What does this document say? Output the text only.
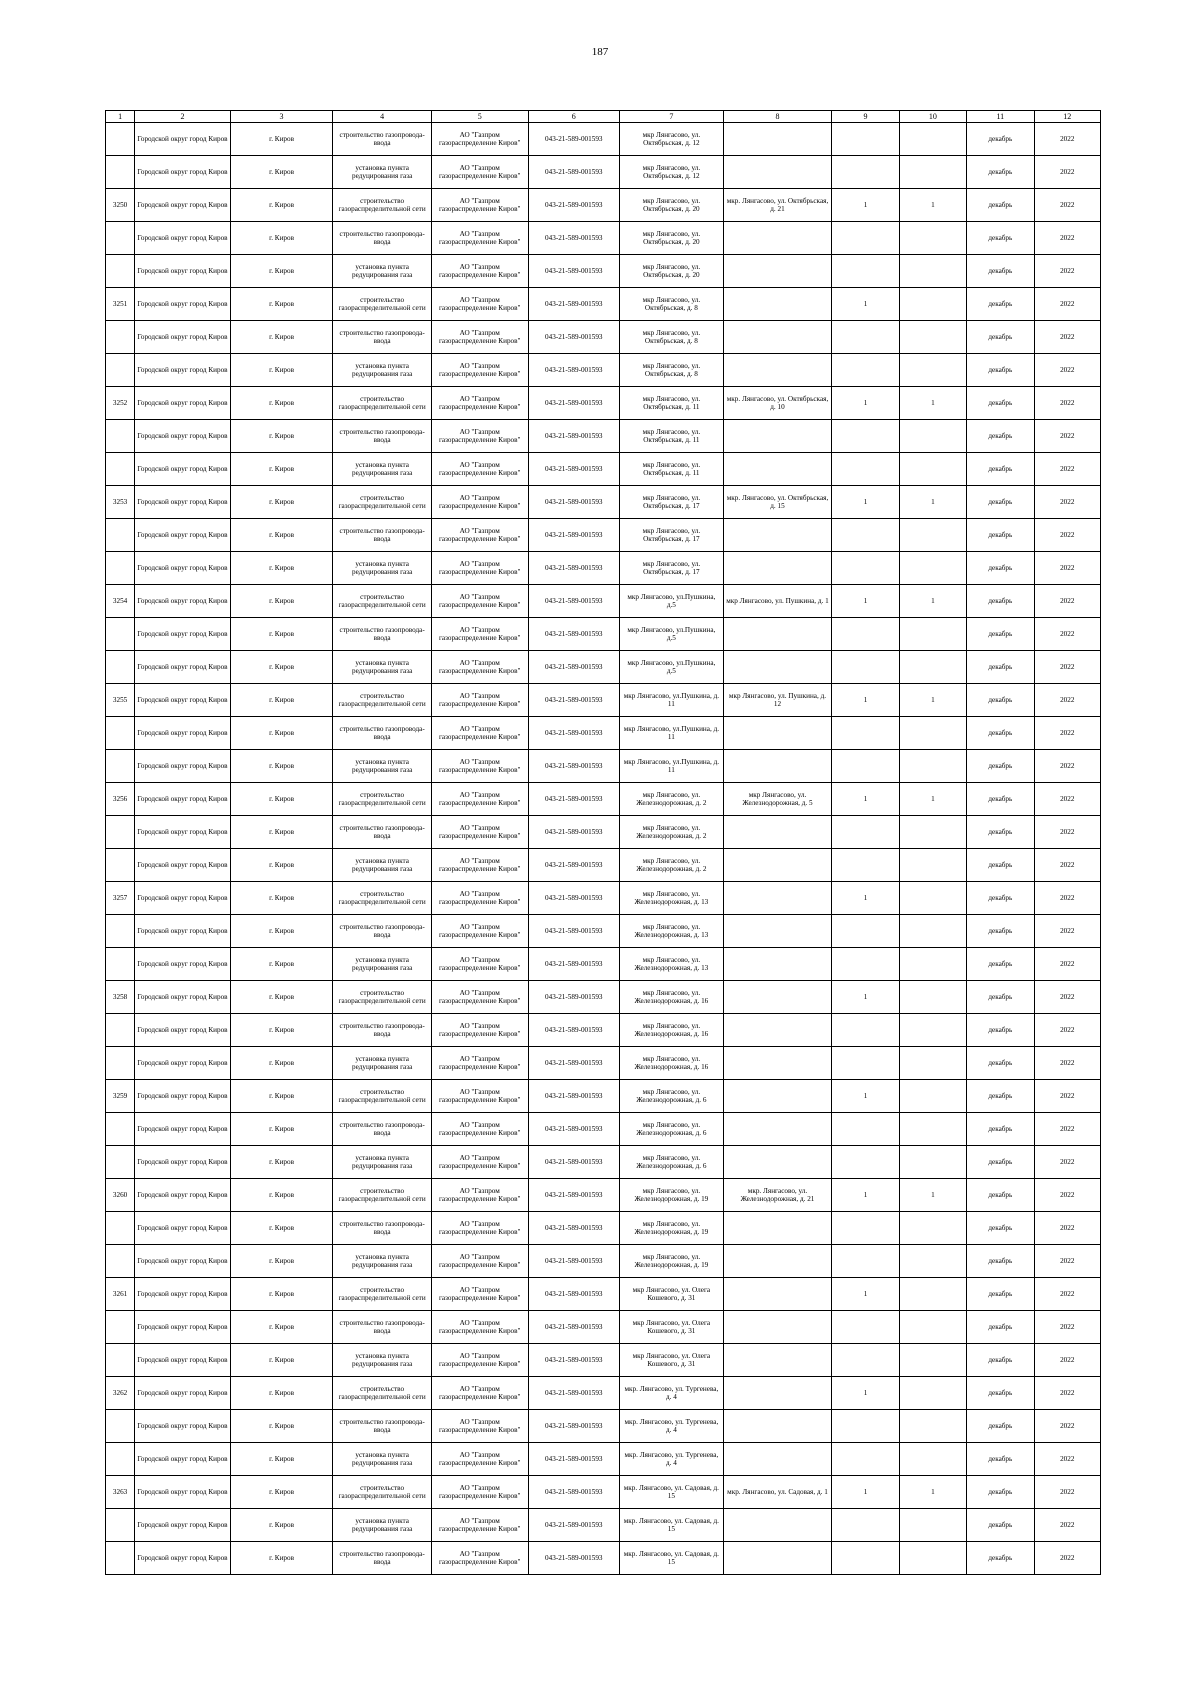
187
1	2	3	4	5	6	7	8	9	10	11	12
	Городской округ город Киров	г. Киров	строительство газопровода-ввода	АО "Газпром газораспределение Киров"	043-21-589-001593	мкр Лянгасово, ул. Октябрьская, д. 12				декабрь	2022
	Городской округ город Киров	г. Киров	установка пункта редуцирования газа	АО "Газпром газораспределение Киров"	043-21-589-001593	мкр Лянгасово, ул. Октябрьская, д. 12				декабрь	2022
3250	Городской округ город Киров	г. Киров	строительство газораспределительной сети	АО "Газпром газораспределение Киров"	043-21-589-001593	мкр Лянгасово, ул. Октябрьская, д. 20	мкр. Лянгасово, ул. Октябрьская, д. 21	1	1	декабрь	2022
	Городской округ город Киров	г. Киров	строительство газопровода-ввода	АО "Газпром газораспределение Киров"	043-21-589-001593	мкр Лянгасово, ул. Октябрьская, д. 20				декабрь	2022
	Городской округ город Киров	г. Киров	установка пункта редуцирования газа	АО "Газпром газораспределение Киров"	043-21-589-001593	мкр Лянгасово, ул. Октябрьская, д. 20				декабрь	2022
3251	Городской округ город Киров	г. Киров	строительство газораспределительной сети	АО "Газпром газораспределение Киров"	043-21-589-001593	мкр Лянгасово, ул. Октябрьская, д. 8		1		декабрь	2022
	Городской округ город Киров	г. Киров	строительство газопровода-ввода	АО "Газпром газораспределение Киров"	043-21-589-001593	мкр Лянгасово, ул. Октябрьская, д. 8				декабрь	2022
	Городской округ город Киров	г. Киров	установка пункта редуцирования газа	АО "Газпром газораспределение Киров"	043-21-589-001593	мкр Лянгасово, ул. Октябрьская, д. 8				декабрь	2022
3252	Городской округ город Киров	г. Киров	строительство газораспределительной сети	АО "Газпром газораспределение Киров"	043-21-589-001593	мкр Лянгасово, ул. Октябрьская, д. 11	мкр. Лянгасово, ул. Октябрьская, д. 10	1	1	декабрь	2022
	Городской округ город Киров	г. Киров	строительство газопровода-ввода	АО "Газпром газораспределение Киров"	043-21-589-001593	мкр Лянгасово, ул. Октябрьская, д. 11				декабрь	2022
	Городской округ город Киров	г. Киров	установка пункта редуцирования газа	АО "Газпром газораспределение Киров"	043-21-589-001593	мкр Лянгасово, ул. Октябрьская, д. 11				декабрь	2022
3253	Городской округ город Киров	г. Киров	строительство газораспределительной сети	АО "Газпром газораспределение Киров"	043-21-589-001593	мкр Лянгасово, ул. Октябрьская, д. 17	мкр. Лянгасово, ул. Октябрьская, д. 15	1	1	декабрь	2022
	Городской округ город Киров	г. Киров	строительство газопровода-ввода	АО "Газпром газораспределение Киров"	043-21-589-001593	мкр Лянгасово, ул. Октябрьская, д. 17				декабрь	2022
	Городской округ город Киров	г. Киров	установка пункта редуцирования газа	АО "Газпром газораспределение Киров"	043-21-589-001593	мкр Лянгасово, ул. Октябрьская, д. 17				декабрь	2022
3254	Городской округ город Киров	г. Киров	строительство газораспределительной сети	АО "Газпром газораспределение Киров"	043-21-589-001593	мкр Лянгасово, ул.Пушкина, д.5	мкр Лянгасово, ул. Пушкина, д. 1	1	1	декабрь	2022
	Городской округ город Киров	г. Киров	строительство газопровода-ввода	АО "Газпром газораспределение Киров"	043-21-589-001593	мкр Лянгасово, ул.Пушкина, д.5				декабрь	2022
	Городской округ город Киров	г. Киров	установка пункта редуцирования газа	АО "Газпром газораспределение Киров"	043-21-589-001593	мкр Лянгасово, ул.Пушкина, д.5				декабрь	2022
3255	Городской округ город Киров	г. Киров	строительство газораспределительной сети	АО "Газпром газораспределение Киров"	043-21-589-001593	мкр Лянгасово, ул.Пушкина, д. 11	мкр Лянгасово, ул. Пушкина, д. 12	1	1	декабрь	2022
	Городской округ город Киров	г. Киров	строительство газопровода-ввода	АО "Газпром газораспределение Киров"	043-21-589-001593	мкр Лянгасово, ул.Пушкина, д. 11				декабрь	2022
	Городской округ город Киров	г. Киров	установка пункта редуцирования газа	АО "Газпром газораспределение Киров"	043-21-589-001593	мкр Лянгасово, ул.Пушкина, д. 11				декабрь	2022
3256	Городской округ город Киров	г. Киров	строительство газораспределительной сети	АО "Газпром газораспределение Киров"	043-21-589-001593	мкр Лянгасово, ул. Железнодорожная, д. 2	мкр Лянгасово, ул. Железнодорожная, д. 5	1	1	декабрь	2022
	Городской округ город Киров	г. Киров	строительство газопровода-ввода	АО "Газпром газораспределение Киров"	043-21-589-001593	мкр Лянгасово, ул. Железнодорожная, д. 2				декабрь	2022
	Городской округ город Киров	г. Киров	установка пункта редуцирования газа	АО "Газпром газораспределение Киров"	043-21-589-001593	мкр Лянгасово, ул. Железнодорожная, д. 2				декабрь	2022
3257	Городской округ город Киров	г. Киров	строительство газораспределительной сети	АО "Газпром газораспределение Киров"	043-21-589-001593	мкр Лянгасово, ул. Железнодорожная, д. 13		1		декабрь	2022
	Городской округ город Киров	г. Киров	строительство газопровода-ввода	АО "Газпром газораспределение Киров"	043-21-589-001593	мкр Лянгасово, ул. Железнодорожная, д. 13				декабрь	2022
	Городской округ город Киров	г. Киров	установка пункта редуцирования газа	АО "Газпром газораспределение Киров"	043-21-589-001593	мкр Лянгасово, ул. Железнодорожная, д. 13				декабрь	2022
3258	Городской округ город Киров	г. Киров	строительство газораспределительной сети	АО "Газпром газораспределение Киров"	043-21-589-001593	мкр Лянгасово, ул. Железнодорожная, д. 16		1		декабрь	2022
	Городской округ город Киров	г. Киров	строительство газопровода-ввода	АО "Газпром газораспределение Киров"	043-21-589-001593	мкр Лянгасово, ул. Железнодорожная, д. 16				декабрь	2022
	Городской округ город Киров	г. Киров	установка пункта редуцирования газа	АО "Газпром газораспределение Киров"	043-21-589-001593	мкр Лянгасово, ул. Железнодорожная, д. 16				декабрь	2022
3259	Городской округ город Киров	г. Киров	строительство газораспределительной сети	АО "Газпром газораспределение Киров"	043-21-589-001593	мкр Лянгасово, ул. Железнодорожная, д. 6		1		декабрь	2022
	Городской округ город Киров	г. Киров	строительство газопровода-ввода	АО "Газпром газораспределение Киров"	043-21-589-001593	мкр Лянгасово, ул. Железнодорожная, д. 6				декабрь	2022
	Городской округ город Киров	г. Киров	установка пункта редуцирования газа	АО "Газпром газораспределение Киров"	043-21-589-001593	мкр Лянгасово, ул. Железнодорожная, д. 6				декабрь	2022
3260	Городской округ город Киров	г. Киров	строительство газораспределительной сети	АО "Газпром газораспределение Киров"	043-21-589-001593	мкр Лянгасово, ул. Железнодорожная, д. 19	мкр. Лянгасово, ул. Железнодорожная, д. 21	1	1	декабрь	2022
	Городской округ город Киров	г. Киров	строительство газопровода-ввода	АО "Газпром газораспределение Киров"	043-21-589-001593	мкр Лянгасово, ул. Железнодорожная, д. 19				декабрь	2022
	Городской округ город Киров	г. Киров	установка пункта редуцирования газа	АО "Газпром газораспределение Киров"	043-21-589-001593	мкр Лянгасово, ул. Железнодорожная, д. 19				декабрь	2022
3261	Городской округ город Киров	г. Киров	строительство газораспределительной сети	АО "Газпром газораспределение Киров"	043-21-589-001593	мкр Лянгасово, ул. Олега Кошевого, д. 31		1		декабрь	2022
	Городской округ город Киров	г. Киров	строительство газопровода-ввода	АО "Газпром газораспределение Киров"	043-21-589-001593	мкр Лянгасово, ул. Олега Кошевого, д. 31				декабрь	2022
	Городской округ город Киров	г. Киров	установка пункта редуцирования газа	АО "Газпром газораспределение Киров"	043-21-589-001593	мкр Лянгасово, ул. Олега Кошевого, д. 31				декабрь	2022
3262	Городской округ город Киров	г. Киров	строительство газораспределительной сети	АО "Газпром газораспределение Киров"	043-21-589-001593	мкр. Лянгасово, ул. Тургенева, д. 4		1		декабрь	2022
	Городской округ город Киров	г. Киров	строительство газопровода-ввода	АО "Газпром газораспределение Киров"	043-21-589-001593	мкр. Лянгасово, ул. Тургенева, д. 4				декабрь	2022
	Городской округ город Киров	г. Киров	установка пункта редуцирования газа	АО "Газпром газораспределение Киров"	043-21-589-001593	мкр. Лянгасово, ул. Тургенева, д. 4				декабрь	2022
3263	Городской округ город Киров	г. Киров	строительство газораспределительной сети	АО "Газпром газораспределение Киров"	043-21-589-001593	мкр. Лянгасово, ул. Садовая, д. 15	мкр. Лянгасово, ул. Садовая, д. 1	1	1	декабрь	2022
	Городской округ город Киров	г. Киров	установка пункта редуцирования газа	АО "Газпром газораспределение Киров"	043-21-589-001593	мкр. Лянгасово, ул. Садовая, д. 15				декабрь	2022
	Городской округ город Киров	г. Киров	строительство газопровода-ввода	АО "Газпром газораспределение Киров"	043-21-589-001593	мкр. Лянгасово, ул. Садовая, д. 15				декабрь	2022
